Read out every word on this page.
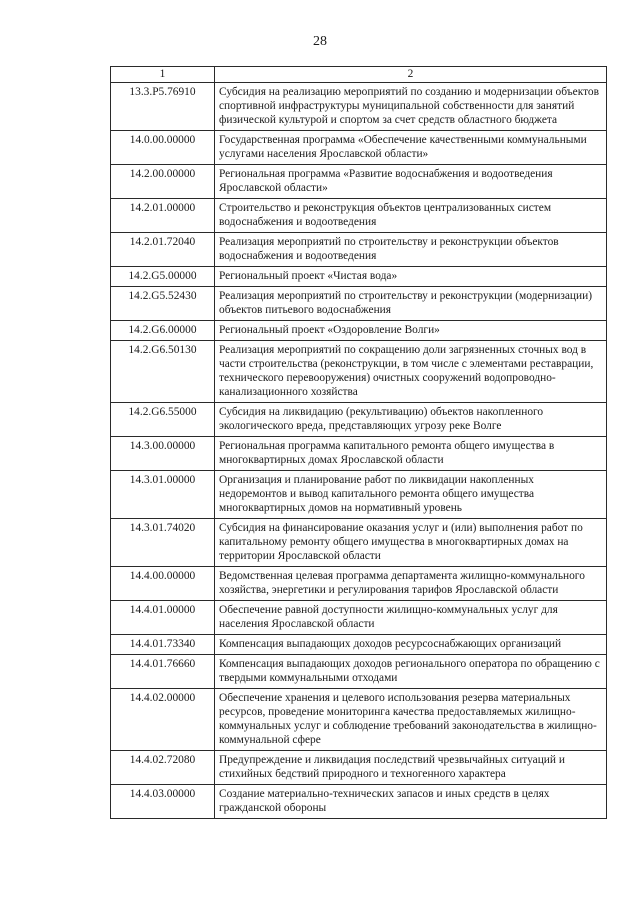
28
1	2
13.3.P5.76910	Субсидия на реализацию мероприятий по созданию и модернизации объектов спортивной инфраструктуры муниципальной собственности для занятий физической культурой и спортом за счет средств областного бюджета
14.0.00.00000	Государственная программа «Обеспечение качественными коммунальными услугами населения Ярославской области»
14.2.00.00000	Региональная программа «Развитие водоснабжения и водоотведения Ярославской области»
14.2.01.00000	Строительство и реконструкция объектов централизованных систем водоснабжения и водоотведения
14.2.01.72040	Реализация мероприятий по строительству и реконструкции объектов водоснабжения и водоотведения
14.2.G5.00000	Региональный проект «Чистая вода»
14.2.G5.52430	Реализация мероприятий по строительству и реконструкции (модернизации) объектов питьевого водоснабжения
14.2.G6.00000	Региональный проект «Оздоровление Волги»
14.2.G6.50130	Реализация мероприятий по сокращению доли загрязненных сточных вод в части строительства (реконструкции, в том числе с элементами реставрации, технического перевооружения) очистных сооружений водопроводно-канализационного хозяйства
14.2.G6.55000	Субсидия на ликвидацию (рекультивацию) объектов накопленного экологического вреда, представляющих угрозу реке Волге
14.3.00.00000	Региональная программа капитального ремонта общего имущества в многоквартирных домах Ярославской области
14.3.01.00000	Организация и планирование работ по ликвидации накопленных недоремонтов и вывод капитального ремонта общего имущества многоквартирных домов на нормативный уровень
14.3.01.74020	Субсидия на финансирование оказания услуг и (или) выполнения работ по капитальному ремонту общего имущества в многоквартирных домах на территории Ярославской области
14.4.00.00000	Ведомственная целевая программа департамента жилищно-коммунального хозяйства, энергетики и регулирования тарифов Ярославской области
14.4.01.00000	Обеспечение равной доступности жилищно-коммунальных услуг для населения Ярославской области
14.4.01.73340	Компенсация выпадающих доходов ресурсоснабжающих организаций
14.4.01.76660	Компенсация выпадающих доходов регионального оператора по обращению с твердыми коммунальными отходами
14.4.02.00000	Обеспечение хранения и целевого использования резерва материальных ресурсов, проведение мониторинга качества предоставляемых жилищно-коммунальных услуг и соблюдение требований законодательства в жилищно-коммунальной сфере
14.4.02.72080	Предупреждение и ликвидация последствий чрезвычайных ситуаций и стихийных бедствий природного и техногенного характера
14.4.03.00000	Создание материально-технических запасов и иных средств в целях гражданской обороны
